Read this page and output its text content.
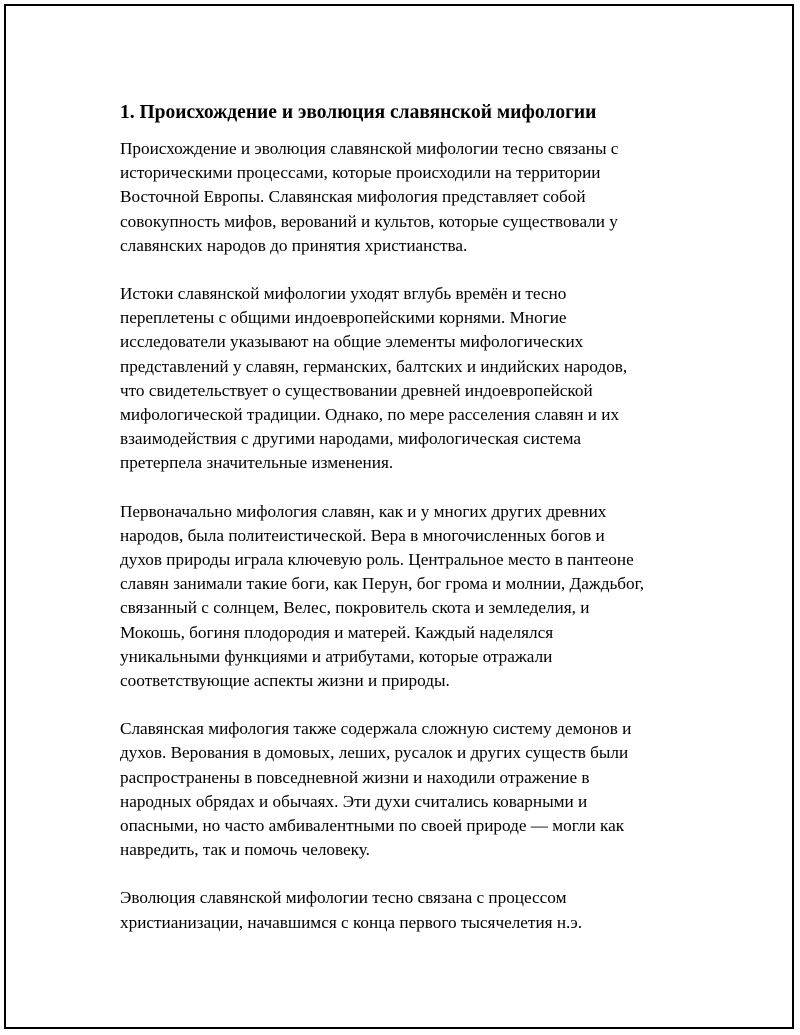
1. Происхождение и эволюция славянской мифологии
Происхождение и эволюция славянской мифологии тесно связаны с
историческими процессами, которые происходили на территории
Восточной Европы. Славянская мифология представляет собой
совокупность мифов, верований и культов, которые существовали у
славянских народов до принятия христианства.
Истоки славянской мифологии уходят вглубь времён и тесно
переплетены с общими индоевропейскими корнями. Многие
исследователи указывают на общие элементы мифологических
представлений у славян, германских, балтских и индийских народов,
что свидетельствует о существовании древней индоевропейской
мифологической традиции. Однако, по мере расселения славян и их
взаимодействия с другими народами, мифологическая система
претерпела значительные изменения.
Первоначально мифология славян, как и у многих других древних
народов, была политеистической. Вера в многочисленных богов и
духов природы играла ключевую роль. Центральное место в пантеоне
славян занимали такие боги, как Перун, бог грома и молнии, Даждьбог,
связанный с солнцем, Велес, покровитель скота и земледелия, и
Мокошь, богиня плодородия и матерей. Каждый наделялся
уникальными функциями и атрибутами, которые отражали
соответствующие аспекты жизни и природы.
Славянская мифология также содержала сложную систему демонов и
духов. Верования в домовых, леших, русалок и других существ были
распространены в повседневной жизни и находили отражение в
народных обрядах и обычаях. Эти духи считались коварными и
опасными, но часто амбивалентными по своей природе — могли как
навредить, так и помочь человеку.
Эволюция славянской мифологии тесно связана с процессом
христианизации, начавшимся с конца первого тысячелетия н.э.
